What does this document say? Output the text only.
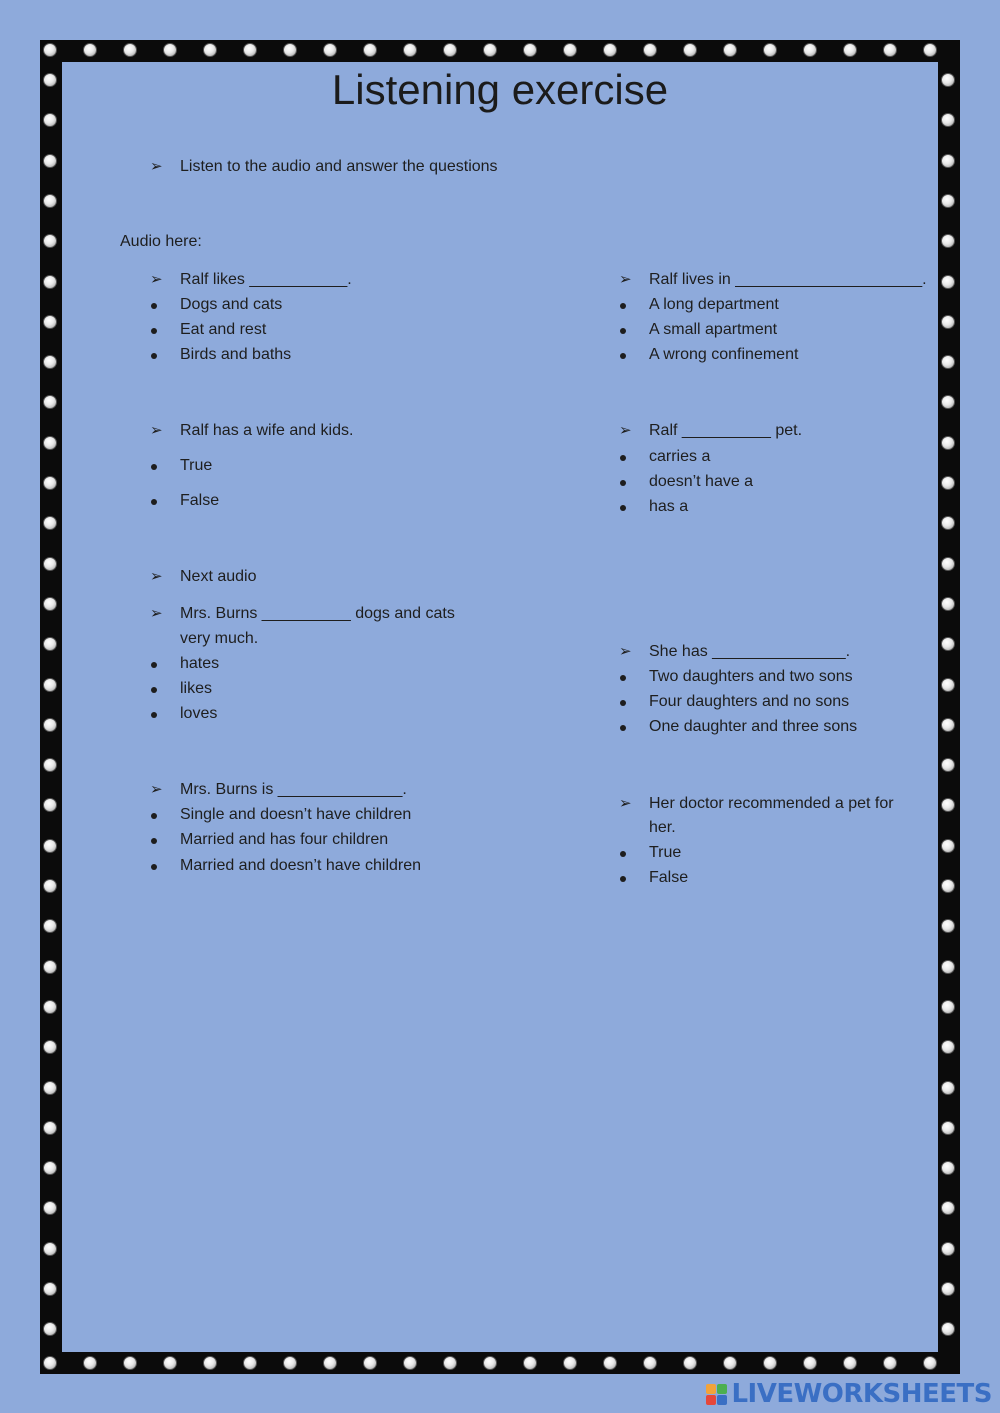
Listening exercise
➢ Listen to the audio and answer the questions
Audio here:
➢ Ralf likes ___________.
Dogs and cats
Eat and rest
Birds and baths
➢ Ralf lives in _____________________.
A long department
A small apartment
A wrong confinement
➢ Ralf has a wife and kids.
True
False
➢ Ralf __________ pet.
carries a
doesn’t have a
has a
➢ Next audio
➢ Mrs. Burns __________ dogs and cats
very much.
hates
likes
loves
➢ She has _______________.
Two daughters and two sons
Four daughters and no sons
One daughter and three sons
➢ Mrs. Burns is ______________.
Single and doesn’t have children
Married and has four children
Married and doesn’t have children
➢ Her doctor recommended a pet for
her.
True
False
LIVEWORKSHEETS
